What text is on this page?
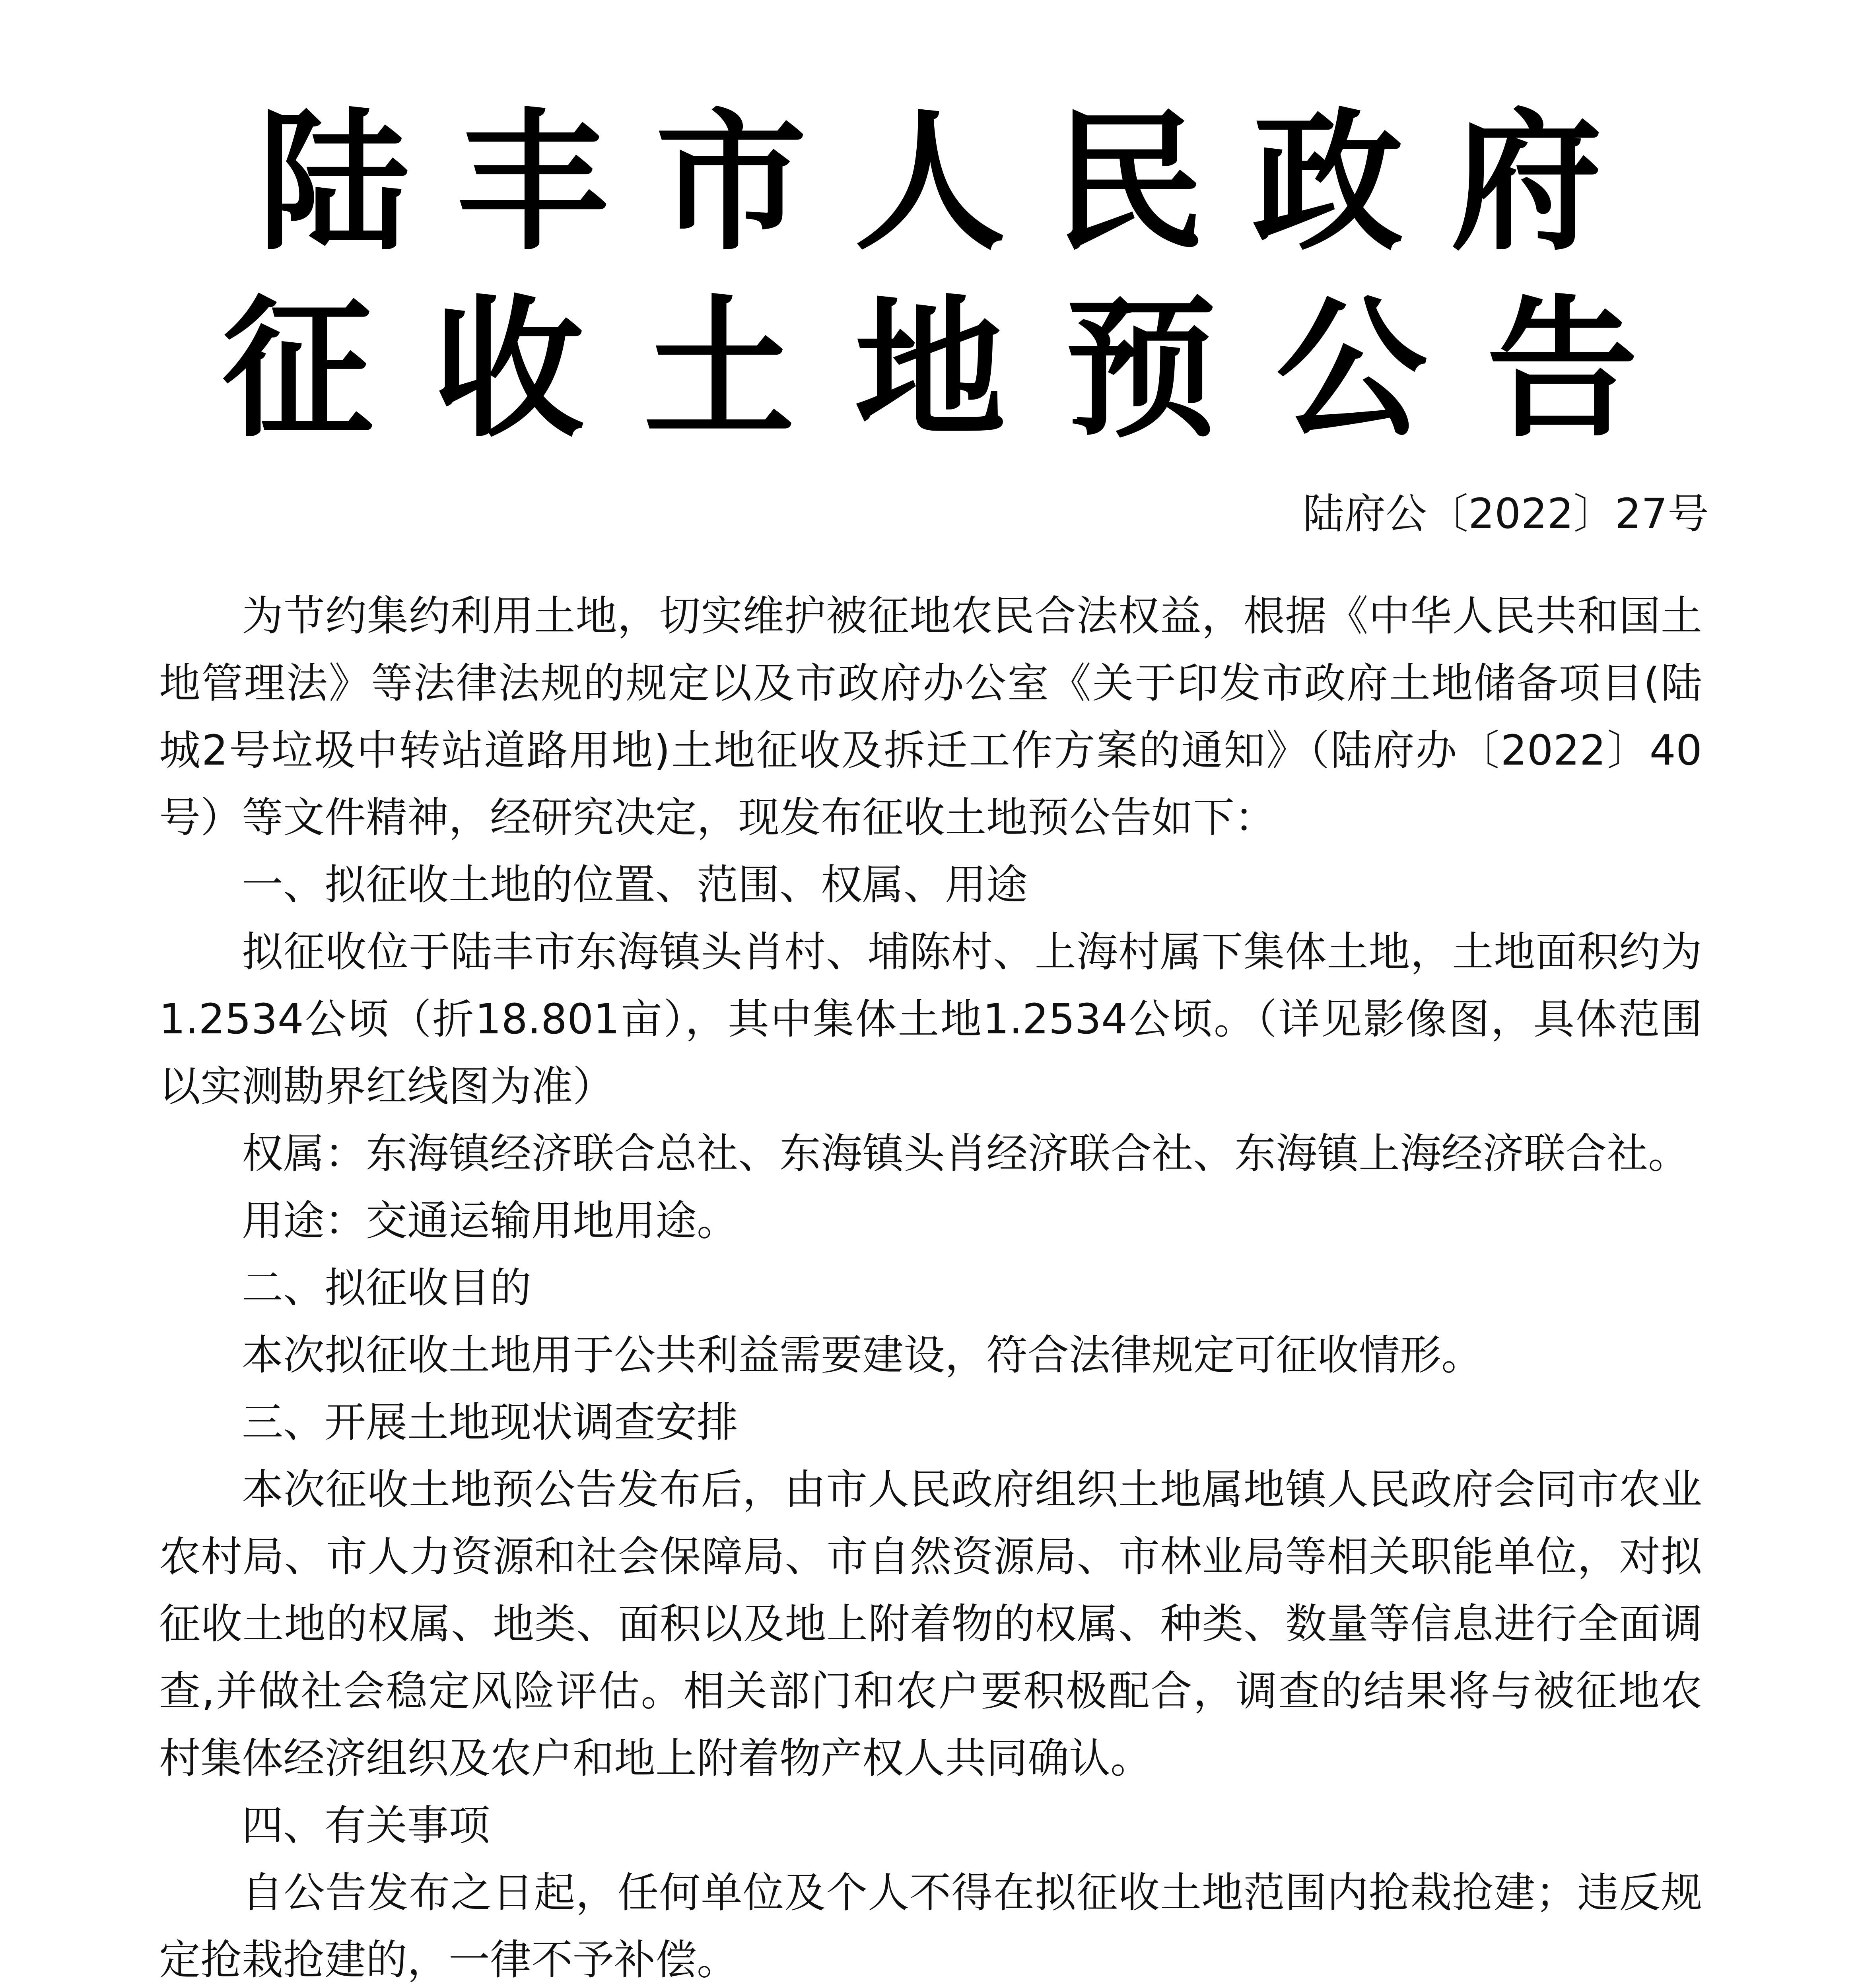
陆丰市人民政府
征收土地预公告
陆府公〔2022〕27号

为节约集约利用土地，切实维护被征地农民合法权益，根据《中华人民共和国土地管理法》等法律法规的规定以及市政府办公室《关于印发市政府土地储备项目(陆城2号垃圾中转站道路用地)土地征收及拆迁工作方案的通知》（陆府办〔2022〕40号）等文件精神，经研究决定，现发布征收土地预公告如下：

一、拟征收土地的位置、范围、权属、用途

拟征收位于陆丰市东海镇头肖村、埔陈村、上海村属下集体土地，土地面积约为1.2534公顷（折18.801亩），其中集体土地1.2534公顷。（详见影像图，具体范围以实测勘界红线图为准）

权属：东海镇经济联合总社、东海镇头肖经济联合社、东海镇上海经济联合社。

用途：交通运输用地用途。

二、拟征收目的

本次拟征收土地用于公共利益需要建设，符合法律规定可征收情形。

三、开展土地现状调查安排

本次征收土地预公告发布后，由市人民政府组织土地属地镇人民政府会同市农业农村局、市人力资源和社会保障局、市自然资源局、市林业局等相关职能单位，对拟征收土地的权属、地类、面积以及地上附着物的权属、种类、数量等信息进行全面调查,并做社会稳定风险评估。相关部门和农户要积极配合，调查的结果将与被征地农村集体经济组织及农户和地上附着物产权人共同确认。

四、有关事项

自公告发布之日起，任何单位及个人不得在拟征收土地范围内抢栽抢建；违反规定抢栽抢建的，一律不予补偿。
